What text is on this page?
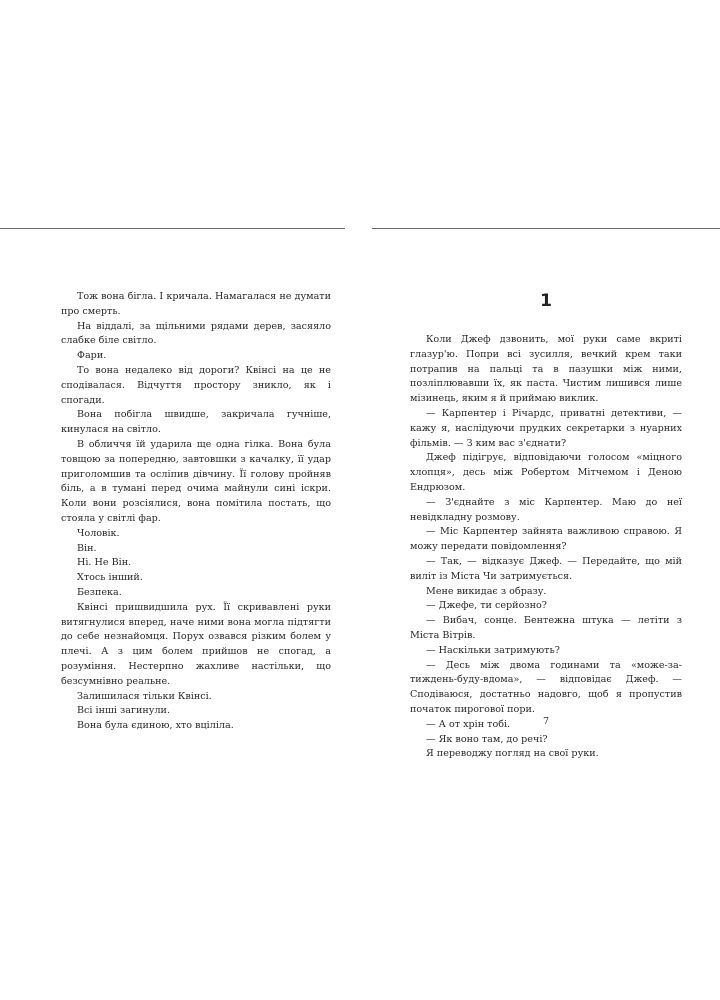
Тож вона бігла. І кричала. Намагалася не думати про смерть.

На віддалі, за щільними рядами дерев, засяяло слабке біле світло.

Фари.

То вона недалеко від дороги? Квінсі на це не сподівалася. Відчуття простору зникло, як і спогади.

Вона побігла швидше, закричала гучніше, кинулася на світло.

В обличчя їй ударила ще одна гілка. Вона була товщою за попередню, завтовшки з качалку, її удар приголомшив та осліпив дівчину. Її голову пройняв біль, а в тумані перед очима майнули сині іскри. Коли вони розсіялися, вона помітила постать, що стояла у світлі фар.

Чоловік.

Він.

Ні. Не Він.

Хтось інший.

Безпека.

Квінсі пришвидшила рух. Її скривавлені руки витягнулися вперед, наче ними вона могла підтягти до себе незнайомця. Порух озвався різким болем у плечі. А з цим болем прийшов не спогад, а розуміння. Нестерпно жахливе настільки, що безсумнівно реальне.

Залишилася тільки Квінсі.

Всі інші загинули.

Вона була єдиною, хто вціліла.

1

Коли Джеф дзвонить, мої руки саме вкриті глазур'ю. Попри всі зусилля, вечкий крем таки потрапив на пальці та в пазушки між ними, позліплювавши їх, як паста. Чистим лишився лише мізинець, яким я й приймаю виклик.

— Карпентер і Річардс, приватні детективи, — кажу я, наслідуючи прудких секретарки з нуарних фільмів. — З ким вас з'єднати?

Джеф підігрує, відповідаючи голосом «міцного хлопця», десь між Робертом Мітчемом і Деною Ендрюзом.

— З'єднайте з міс Карпентер. Маю до неї невідкладну розмову.

— Міс Карпентер зайнята важливою справою. Я можу передати повідомлення?

— Так, — відказує Джеф. — Передайте, що мій виліт із Міста Чи затримується.

Мене викидає з образу.

— Джефе, ти серйозно?

— Вибач, сонце. Бентежна штука — летіти з Міста Вітрів.

— Наскільки затримують?

— Десь між двома годинами та «може-за-тиждень-буду-вдома», — відповідає Джеф. — Сподіваюся, достатньо надовго, щоб я пропустив початок пирогової пори.

— А от хрін тобі.

— Як воно там, до речі?

Я переводжу погляд на свої руки.

7
